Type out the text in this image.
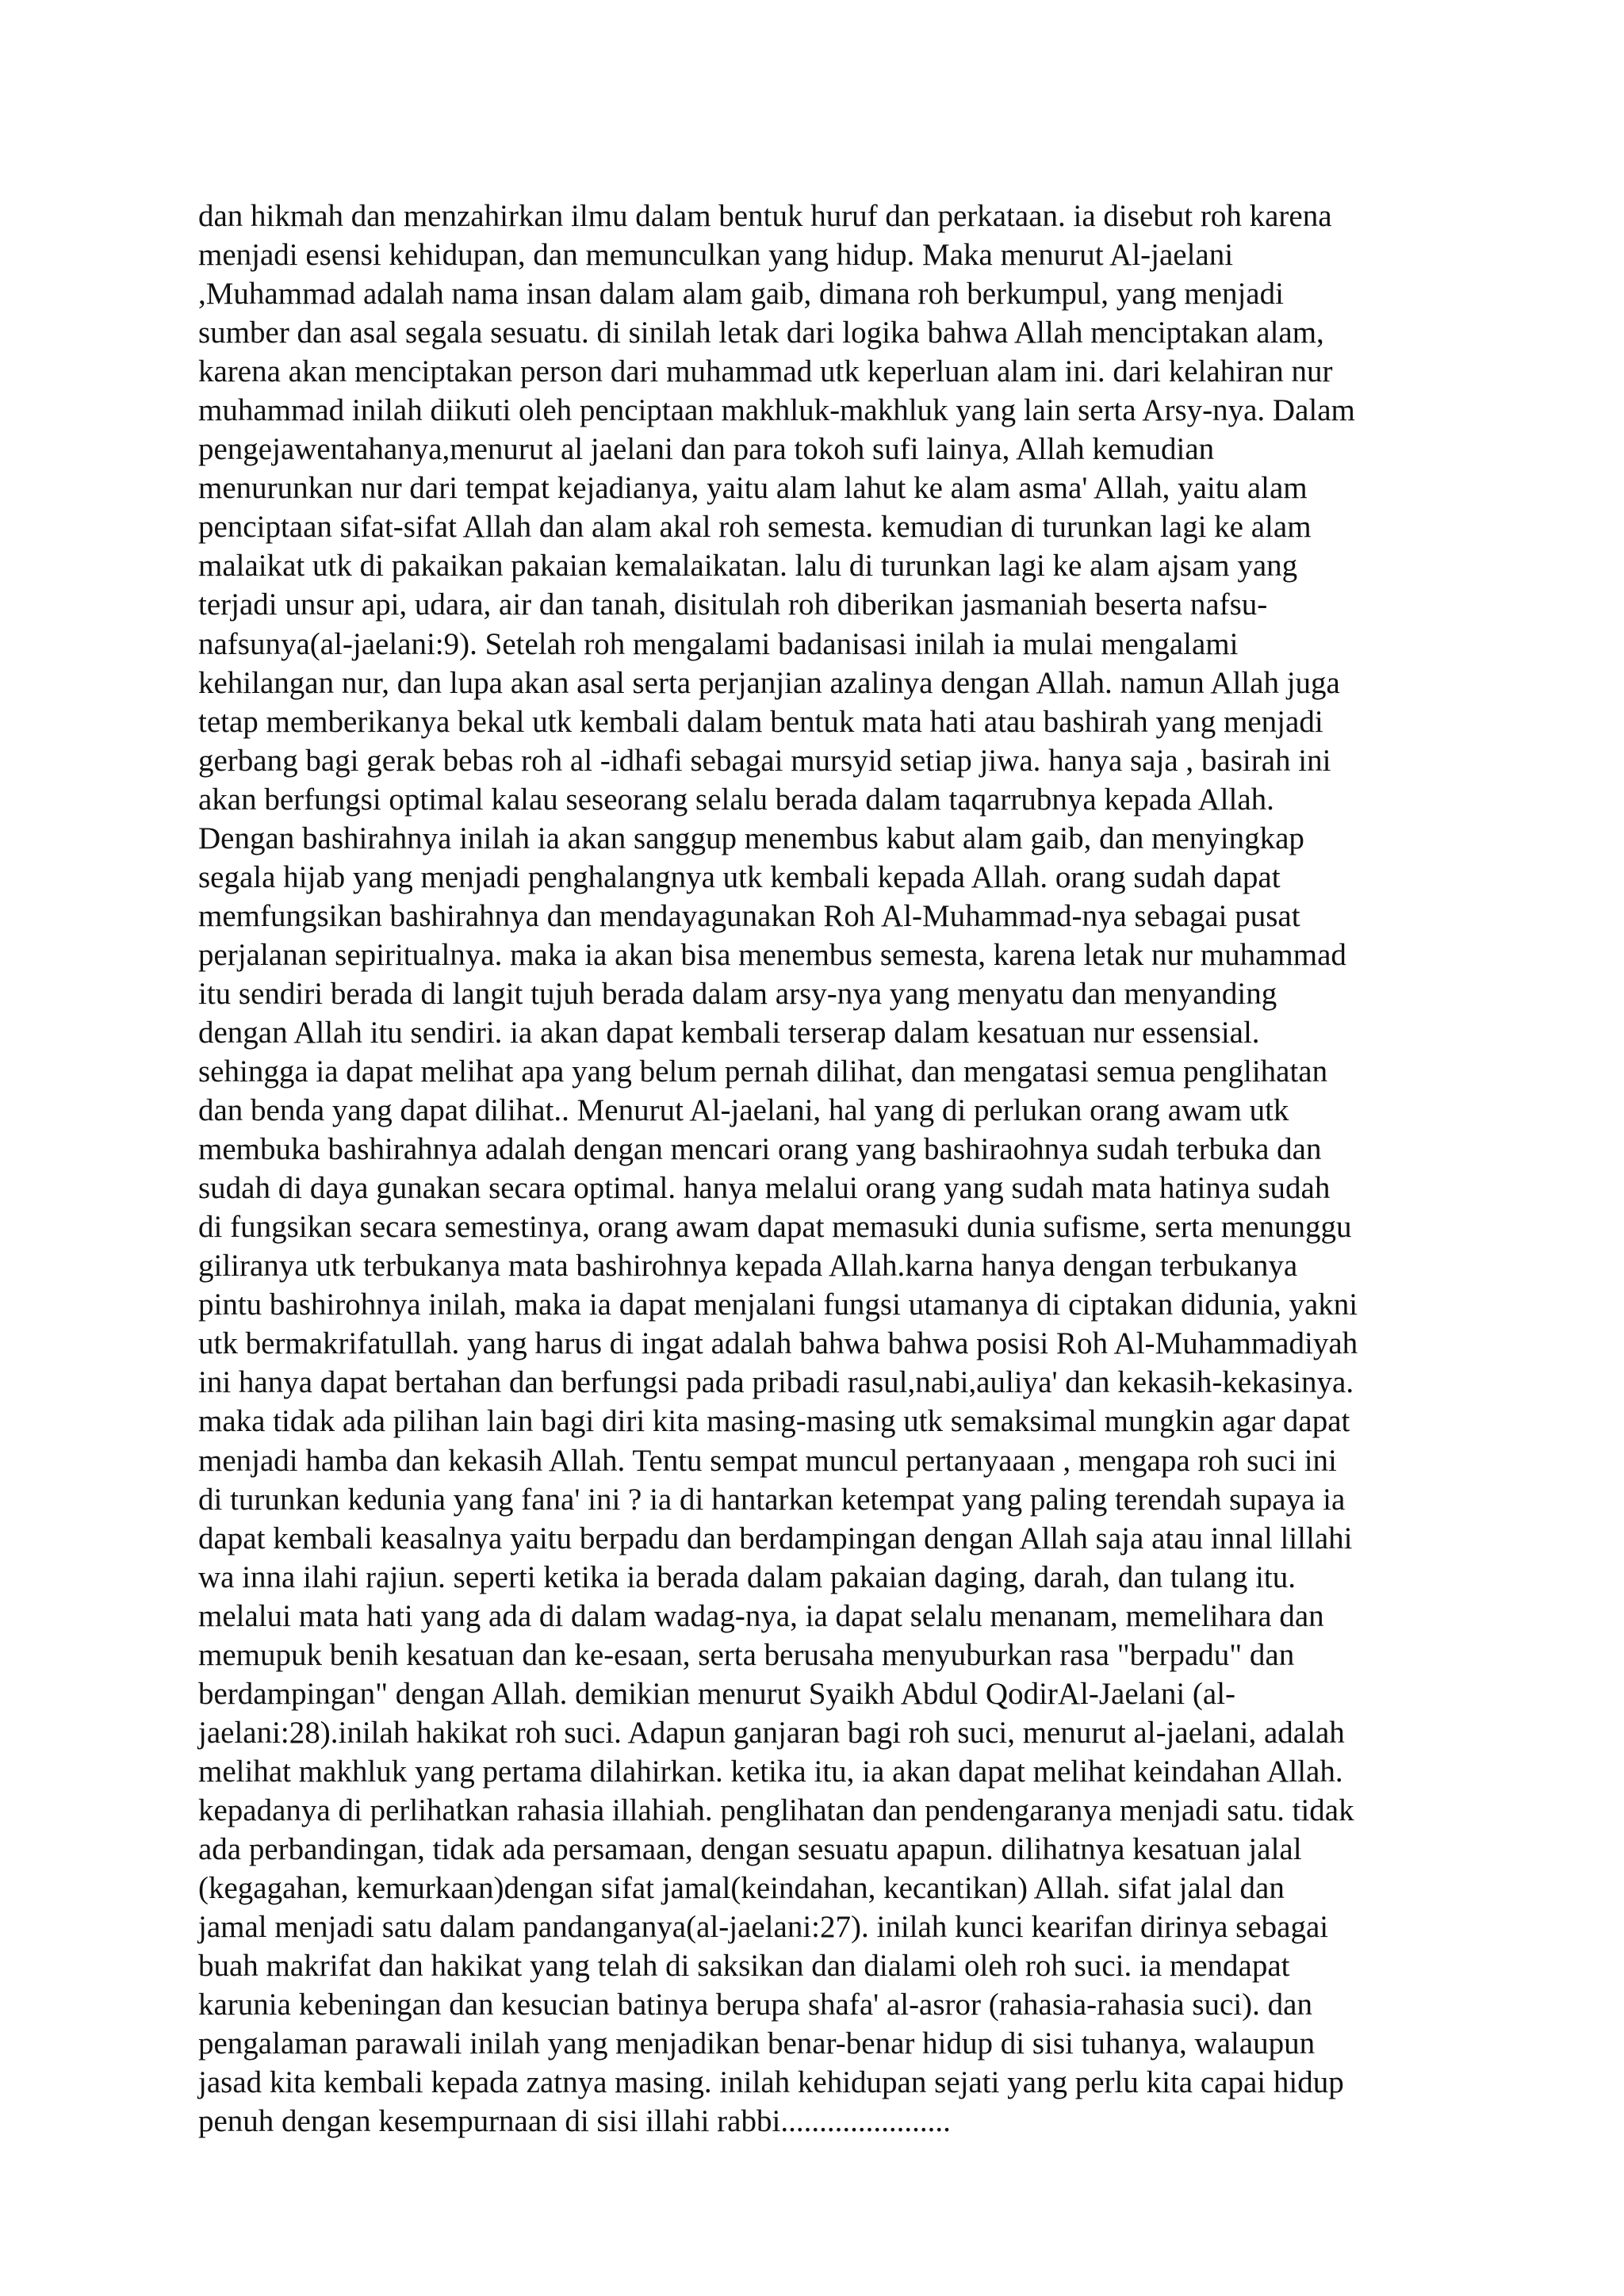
dan hikmah dan menzahirkan ilmu dalam bentuk huruf dan perkataan. ia disebut roh karena
menjadi esensi kehidupan, dan memunculkan yang hidup. Maka menurut Al-jaelani
,Muhammad adalah nama insan dalam alam gaib, dimana roh berkumpul, yang menjadi
sumber dan asal segala sesuatu. di sinilah letak dari logika bahwa Allah menciptakan alam,
karena akan menciptakan person dari muhammad utk keperluan alam ini. dari kelahiran nur
muhammad inilah diikuti oleh penciptaan makhluk-makhluk yang lain serta Arsy-nya. Dalam
pengejawentahanya,menurut al jaelani dan para tokoh sufi lainya, Allah kemudian
menurunkan nur dari tempat kejadianya, yaitu alam lahut ke alam asma' Allah, yaitu alam
penciptaan sifat-sifat Allah dan alam akal roh semesta. kemudian di turunkan lagi ke alam
malaikat utk di pakaikan pakaian kemalaikatan. lalu di turunkan lagi ke alam ajsam yang
terjadi unsur api, udara, air dan tanah, disitulah roh diberikan jasmaniah beserta nafsu-
nafsunya(al-jaelani:9). Setelah roh mengalami badanisasi inilah ia mulai mengalami
kehilangan nur, dan lupa akan asal serta perjanjian azalinya dengan Allah. namun Allah juga
tetap memberikanya bekal utk kembali dalam bentuk mata hati atau bashirah yang menjadi
gerbang bagi gerak bebas roh al -idhafi sebagai mursyid setiap jiwa. hanya saja , basirah ini
akan berfungsi optimal kalau seseorang selalu berada dalam taqarrubnya kepada Allah.
Dengan bashirahnya inilah ia akan sanggup menembus kabut alam gaib, dan menyingkap
segala hijab yang menjadi penghalangnya utk kembali kepada Allah. orang sudah dapat
memfungsikan bashirahnya dan mendayagunakan Roh Al-Muhammad-nya sebagai pusat
perjalanan sepiritualnya. maka ia akan bisa menembus semesta, karena letak nur muhammad
itu sendiri berada di langit tujuh berada dalam arsy-nya yang menyatu dan menyanding
dengan Allah itu sendiri. ia akan dapat kembali terserap dalam kesatuan nur essensial.
sehingga ia dapat melihat apa yang belum pernah dilihat, dan mengatasi semua penglihatan
dan benda yang dapat dilihat.. Menurut Al-jaelani, hal yang di perlukan orang awam utk
membuka bashirahnya adalah dengan mencari orang yang bashiraohnya sudah terbuka dan
sudah di daya gunakan secara optimal. hanya melalui orang yang sudah mata hatinya sudah
di fungsikan secara semestinya, orang awam dapat memasuki dunia sufisme, serta menunggu
giliranya utk terbukanya mata bashirohnya kepada Allah.karna hanya dengan terbukanya
pintu bashirohnya inilah, maka ia dapat menjalani fungsi utamanya di ciptakan didunia, yakni
utk bermakrifatullah. yang harus di ingat adalah bahwa bahwa posisi Roh Al-Muhammadiyah
ini hanya dapat bertahan dan berfungsi pada pribadi rasul,nabi,auliya' dan kekasih-kekasinya.
maka tidak ada pilihan lain bagi diri kita masing-masing utk semaksimal mungkin agar dapat
menjadi hamba dan kekasih Allah. Tentu sempat muncul pertanyaaan , mengapa roh suci ini
di turunkan kedunia yang fana' ini ? ia di hantarkan ketempat yang paling terendah supaya ia
dapat kembali keasalnya yaitu berpadu dan berdampingan dengan Allah saja atau innal lillahi
wa inna ilahi rajiun. seperti ketika ia berada dalam pakaian daging, darah, dan tulang itu.
melalui mata hati yang ada di dalam wadag-nya, ia dapat selalu menanam, memelihara dan
memupuk benih kesatuan dan ke-esaan, serta berusaha menyuburkan rasa "berpadu" dan
berdampingan" dengan Allah. demikian menurut Syaikh Abdul QodirAl-Jaelani (al-
jaelani:28).inilah hakikat roh suci. Adapun ganjaran bagi roh suci, menurut al-jaelani, adalah
melihat makhluk yang pertama dilahirkan. ketika itu, ia akan dapat melihat keindahan Allah.
kepadanya di perlihatkan rahasia illahiah. penglihatan dan pendengaranya menjadi satu. tidak
ada perbandingan, tidak ada persamaan, dengan sesuatu apapun. dilihatnya kesatuan jalal
(kegagahan, kemurkaan)dengan sifat jamal(keindahan, kecantikan) Allah. sifat jalal dan
jamal menjadi satu dalam pandanganya(al-jaelani:27). inilah kunci kearifan dirinya sebagai
buah makrifat dan hakikat yang telah di saksikan dan dialami oleh roh suci. ia mendapat
karunia kebeningan dan kesucian batinya berupa shafa' al-asror (rahasia-rahasia suci). dan
pengalaman parawali inilah yang menjadikan benar-benar hidup di sisi tuhanya, walaupun
jasad kita kembali kepada zatnya masing. inilah kehidupan sejati yang perlu kita capai hidup
penuh dengan kesempurnaan di sisi illahi rabbi......................
